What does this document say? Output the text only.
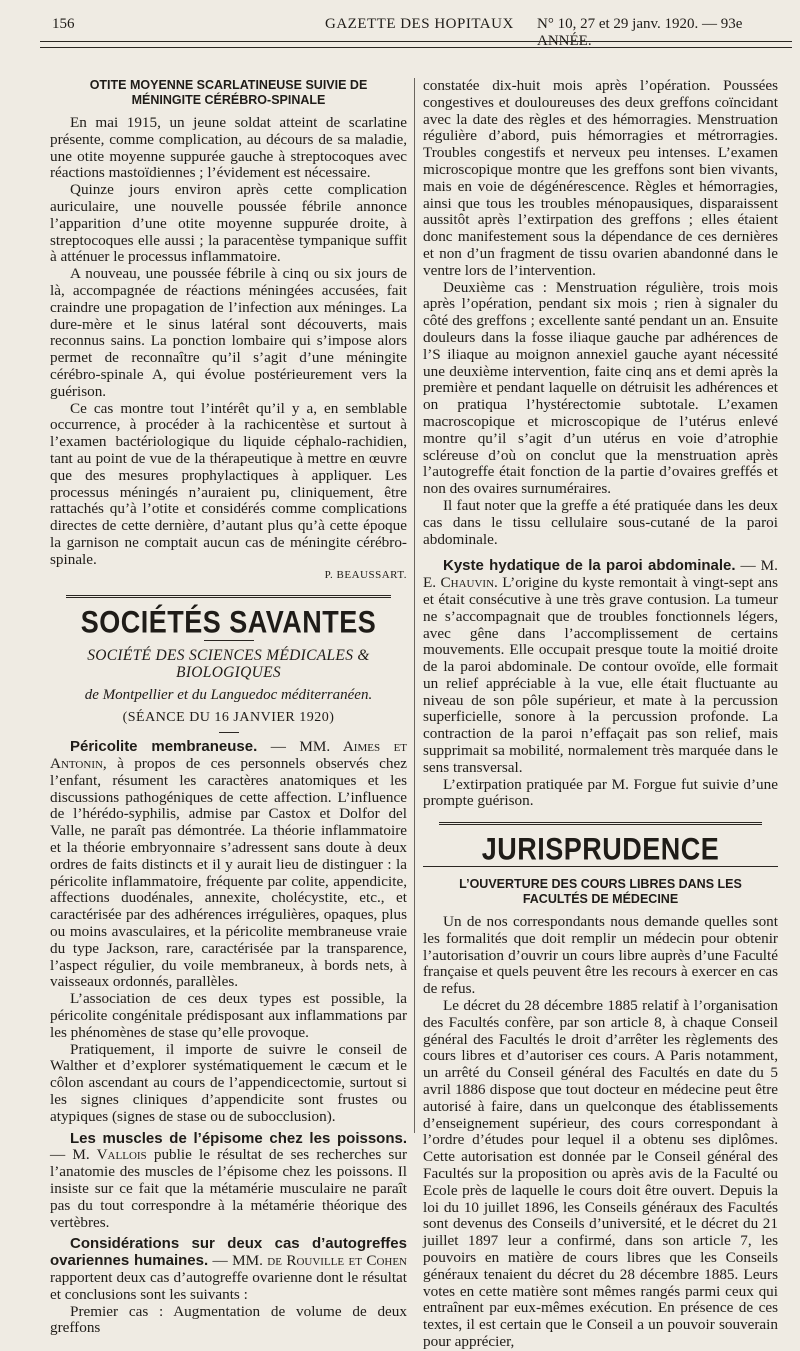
156	GAZETTE DES HOPITAUX N° 10, 27 et 29 janv. 1920. — 93e ANNÉE.
OTITE MOYENNE SCARLATINEUSE SUIVIE DE MÉNINGITE CÉRÉBRO-SPINALE

En mai 1915, un jeune soldat atteint de scarlatine présente, comme complication, au décours de sa maladie, une otite moyenne suppurée gauche à streptocoques avec réactions mastoïdiennes ; l’évidement est nécessaire.

Quinze jours environ après cette complication auriculaire, une nouvelle poussée fébrile annonce l’apparition d’une otite moyenne suppurée droite, à streptocoques elle aussi ; la paracentèse tympanique suffit à atténuer le processus inflammatoire.

A nouveau, une poussée fébrile à cinq ou six jours de là, accompagnée de réactions méningées accusées, fait craindre une propagation de l’infection aux méninges. La dure-mère et le sinus latéral sont découverts, mais reconnus sains. La ponction lombaire qui s’impose alors permet de reconnaître qu’il s’agit d’une méningite cérébro-spinale A, qui évolue postérieurement vers la guérison.

Ce cas montre tout l’intérêt qu’il y a, en semblable occurrence, à procéder à la rachicentèse et surtout à l’examen bactériologique du liquide céphalo-rachidien, tant au point de vue de la thérapeutique à mettre en œuvre que des mesures prophylactiques à appliquer. Les processus méningés n’auraient pu, cliniquement, être rattachés qu’à l’otite et considérés comme complications directes de cette dernière, d’autant plus qu’à cette époque la garnison ne comptait aucun cas de méningite cérébro-spinale.

P. BEAUSSART.

SOCIÉTÉS SAVANTES

SOCIÉTÉ DES SCIENCES MÉDICALES & BIOLOGIQUES

de Montpellier et du Languedoc méditerranéen.

(SÉANCE DU 16 JANVIER 1920)

Péricolite membraneuse. — MM. Aimes et Antonin, à propos de ces personnels observés chez l’enfant, résument les caractères anatomiques et les discussions pathogéniques de cette affection. L’influence de l’hérédo-syphilis, admise par Castox et Dolfor del Valle, ne paraît pas démontrée. La théorie inflammatoire et la théorie embryonnaire s’adressent sans doute à deux ordres de faits distincts et il y aurait lieu de distinguer : la péricolite inflammatoire, fréquente par colite, appendicite, affections duodénales, annexite, cholécystite, etc., et caractérisée par des adhérences irrégulières, opaques, plus ou moins avasculaires, et la péricolite membraneuse vraie du type Jackson, rare, caractérisée par la transparence, l’aspect régulier, du voile membraneux, à bords nets, à vaisseaux ordonnés, parallèles.

L’association de ces deux types est possible, la péricolite congénitale prédisposant aux inflammations par les phénomènes de stase qu’elle provoque.

Pratiquement, il importe de suivre le conseil de Walther et d’explorer systématiquement le cæcum et le côlon ascendant au cours de l’appendicectomie, surtout si les signes cliniques d’appendicite sont frustes ou atypiques (signes de stase ou de subocclusion).

Les muscles de l’épisome chez les poissons. — M. Vallois publie le résultat de ses recherches sur l’anatomie des muscles de l’épisome chez les poissons. Il insiste sur ce fait que la métamérie musculaire ne paraît pas du tout correspondre à la métamérie théorique des vertèbres.

Considérations sur deux cas d’autogreffes ovariennes humaines. — MM. de Rouville et Cohen rapportent deux cas d’autogreffe ovarienne dont le résultat et conclusions sont les suivants :

Premier cas : Augmentation de volume de deux greffons

constatée dix-huit mois après l’opération. Poussées congestives et douloureuses des deux greffons coïncidant avec la date des règles et des hémorragies. Menstruation régulière d’abord, puis hémorragies et métrorragies. Troubles congestifs et nerveux peu intenses. L’examen microscopique montre que les greffons sont bien vivants, mais en voie de dégénérescence. Règles et hémorragies, ainsi que tous les troubles ménopausiques, disparaissent aussitôt après l’extirpation des greffons ; elles étaient donc manifestement sous la dépendance de ces dernières et non d’un fragment de tissu ovarien abandonné dans le ventre lors de l’intervention.

Deuxième cas : Menstruation régulière, trois mois après l’opération, pendant six mois ; rien à signaler du côté des greffons ; excellente santé pendant un an. Ensuite douleurs dans la fosse iliaque gauche par adhérences de l’S iliaque au moignon annexiel gauche ayant nécessité une deuxième intervention, faite cinq ans et demi après la première et pendant laquelle on détruisit les adhérences et on pratiqua l’hystérectomie subtotale. L’examen macroscopique et microscopique de l’utérus enlevé montre qu’il s’agit d’un utérus en voie d’atrophie scléreuse d’où on conclut que la menstruation après l’autogreffe était fonction de la partie d’ovaires greffés et non des ovaires surnuméraires.

Il faut noter que la greffe a été pratiquée dans les deux cas dans le tissu cellulaire sous-cutané de la paroi abdominale.

Kyste hydatique de la paroi abdominale. — M. E. Chauvin. L’origine du kyste remontait à vingt-sept ans et était consécutive à une très grave contusion. La tumeur ne s’accompagnait que de troubles fonctionnels légers, avec gêne dans l’accomplissement de certains mouvements. Elle occupait presque toute la moitié droite de la paroi abdominale. De contour ovoïde, elle formait un relief appréciable à la vue, elle était fluctuante au niveau de son pôle supérieur, et mate à la percussion superficielle, sonore à la percussion profonde. La contraction de la paroi n’effaçait pas son relief, mais supprimait sa mobilité, normalement très marquée dans le sens transversal.

L’extirpation pratiquée par M. Forgue fut suivie d’une prompte guérison.

JURISPRUDENCE

L’OUVERTURE DES COURS LIBRES DANS LES FACULTÉS DE MÉDECINE

Un de nos correspondants nous demande quelles sont les formalités que doit remplir un médecin pour obtenir l’autorisation d’ouvrir un cours libre auprès d’une Faculté française et quels peuvent être les recours à exercer en cas de refus.

Le décret du 28 décembre 1885 relatif à l’organisation des Facultés confère, par son article 8, à chaque Conseil général des Facultés le droit d’arrêter les règlements des cours libres et d’autoriser ces cours. A Paris notamment, un arrêté du Conseil général des Facultés en date du 5 avril 1886 dispose que tout docteur en médecine peut être autorisé à faire, dans un quelconque des établissements d’enseignement supérieur, des cours correspondant à l’ordre d’études pour lequel il a obtenu ses diplômes. Cette autorisation est donnée par le Conseil général des Facultés sur la proposition ou après avis de la Faculté ou Ecole près de laquelle le cours doit être ouvert. Depuis la loi du 10 juillet 1896, les Conseils généraux des Facultés sont devenus des Conseils d’université, et le décret du 21 juillet 1897 leur a confirmé, dans son article 7, les pouvoirs en matière de cours libres que les Conseils généraux tenaient du décret du 28 décembre 1885. Leurs votes en cette matière sont mêmes rangés parmi ceux qui entraînent par eux-mêmes exécution. En présence de ces textes, il est certain que le Conseil a un pouvoir souverain pour apprécier,
